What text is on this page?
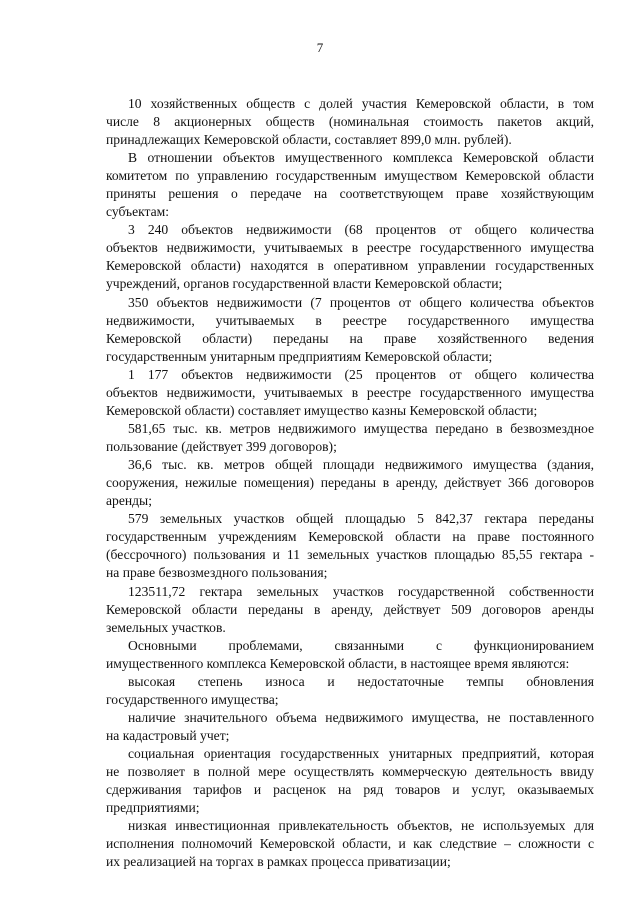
7
10 хозяйственных обществ с долей участия Кемеровской области, в том
числе 8 акционерных обществ (номинальная стоимость пакетов акций,
принадлежащих Кемеровской области, составляет 899,0 млн. рублей).
В отношении объектов имущественного комплекса Кемеровской области
комитетом по управлению государственным имуществом Кемеровской области
приняты решения о передаче на соответствующем праве хозяйствующим
субъектам:
3 240 объектов недвижимости (68 процентов от общего количества
объектов недвижимости, учитываемых в реестре государственного имущества
Кемеровской области) находятся в оперативном управлении государственных
учреждений, органов государственной власти Кемеровской области;
350 объектов недвижимости (7 процентов от общего количества объектов
недвижимости, учитываемых в реестре государственного имущества
Кемеровской области) переданы на праве хозяйственного ведения
государственным унитарным предприятиям Кемеровской области;
1 177 объектов недвижимости (25 процентов от общего количества
объектов недвижимости, учитываемых в реестре государственного имущества
Кемеровской области) составляет имущество казны Кемеровской области;
581,65 тыс. кв. метров недвижимого имущества передано в безвозмездное
пользование (действует 399 договоров);
36,6 тыс. кв. метров общей площади недвижимого имущества (здания,
сооружения, нежилые помещения) переданы в аренду, действует 366 договоров
аренды;
579 земельных участков общей площадью 5 842,37 гектара переданы
государственным учреждениям Кемеровской области на праве постоянного
(бессрочного) пользования и 11 земельных участков площадью 85,55 гектара -
на праве безвозмездного пользования;
123511,72 гектара земельных участков государственной собственности
Кемеровской области переданы в аренду, действует 509 договоров аренды
земельных участков.
Основными проблемами, связанными с функционированием
имущественного комплекса Кемеровской области, в настоящее время являются:
высокая степень износа и недостаточные темпы обновления
государственного имущества;
наличие значительного объема недвижимого имущества, не поставленного
на кадастровый учет;
социальная ориентация государственных унитарных предприятий, которая
не позволяет в полной мере осуществлять коммерческую деятельность ввиду
сдерживания тарифов и расценок на ряд товаров и услуг, оказываемых
предприятиями;
низкая инвестиционная привлекательность объектов, не используемых для
исполнения полномочий Кемеровской области, и как следствие – сложности с
их реализацией на торгах в рамках процесса приватизации;
